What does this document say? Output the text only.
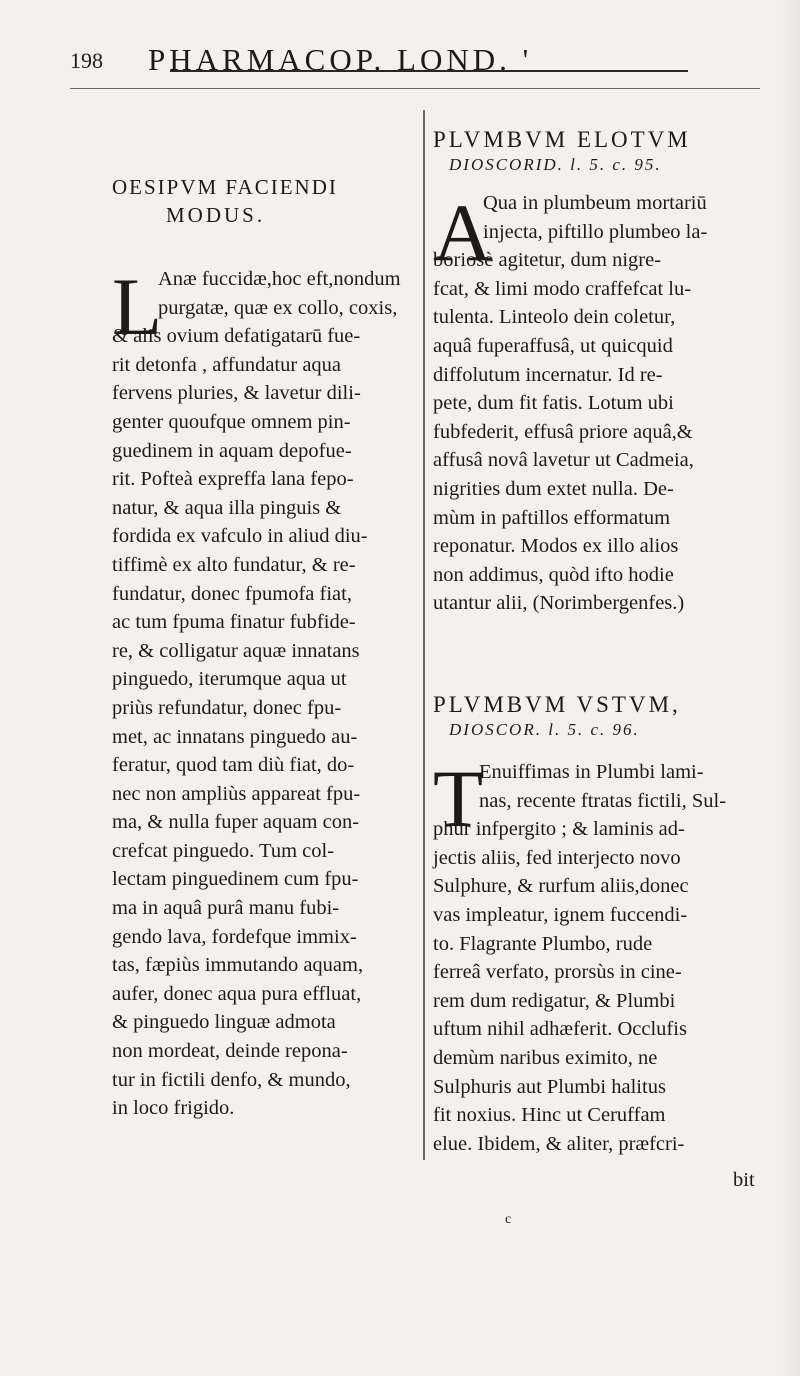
198 PHARMACOP. LOND. '
OESIPVM FACIENDI
MODUS.
L
Anæ fuccidæ,hoc eft,nondum
purgatæ, quæ ex collo, coxis,
& alis ovium defatigatarū fue-
rit detonfa , affundatur aqua
fervens pluries, & lavetur dili-
genter quoufque omnem pin-
guedinem in aquam depofue-
rit. Pofteà expreffa lana fepo-
natur, & aqua illa pinguis &
fordida ex vafculo in aliud diu-
tiffimè ex alto fundatur, & re-
fundatur, donec fpumofa fiat,
ac tum fpuma finatur fubfide-
re, & colligatur aquæ innatans
pinguedo, iterumque aqua ut
priùs refundatur, donec fpu-
met, ac innatans pinguedo au-
feratur, quod tam diù fiat, do-
nec non ampliùs appareat fpu-
ma, & nulla fuper aquam con-
crefcat pinguedo. Tum col-
lectam pinguedinem cum fpu-
ma in aquâ purâ manu fubi-
gendo lava, fordefque immix-
tas, fæpiùs immutando aquam,
aufer, donec aqua pura effluat,
& pinguedo linguæ admota
non mordeat, deinde repona-
tur in fictili denfo, & mundo,
in loco frigido.
PLVMBVM ELOTVM
DIOSCORID. l. 5. c. 95.
A
Qua in plumbeum mortariū
injecta, piftillo plumbeo la-
boriosè agitetur, dum nigre-
fcat, & limi modo craffefcat lu-
tulenta. Linteolo dein coletur,
aquâ fuperaffusâ, ut quicquid
diffolutum incernatur. Id re-
pete, dum fit fatis. Lotum ubi
fubfederit, effusâ priore aquâ,&
affusâ novâ lavetur ut Cadmeia,
nigrities dum extet nulla. De-
mùm in paftillos efformatum
reponatur. Modos ex illo alios
non addimus, quòd ifto hodie
utantur alii, (Norimbergenfes.)
PLVMBVM VSTVM,
DIOSCOR. l. 5. c. 96.
T
Enuiffimas in Plumbi lami-
nas, recente ftratas fictili, Sul-
phur infpergito ; & laminis ad-
jectis aliis, fed interjecto novo
Sulphure, & rurfum aliis,donec
vas impleatur, ignem fuccendi-
to. Flagrante Plumbo, rude
ferreâ verfato, prorsùs in cine-
rem dum redigatur, & Plumbi
uftum nihil adhæferit. Occlufis
demùm naribus eximito, ne
Sulphuris aut Plumbi halitus
fit noxius. Hinc ut Ceruffam
elue. Ibidem, & aliter, præfcri-
bit
c
